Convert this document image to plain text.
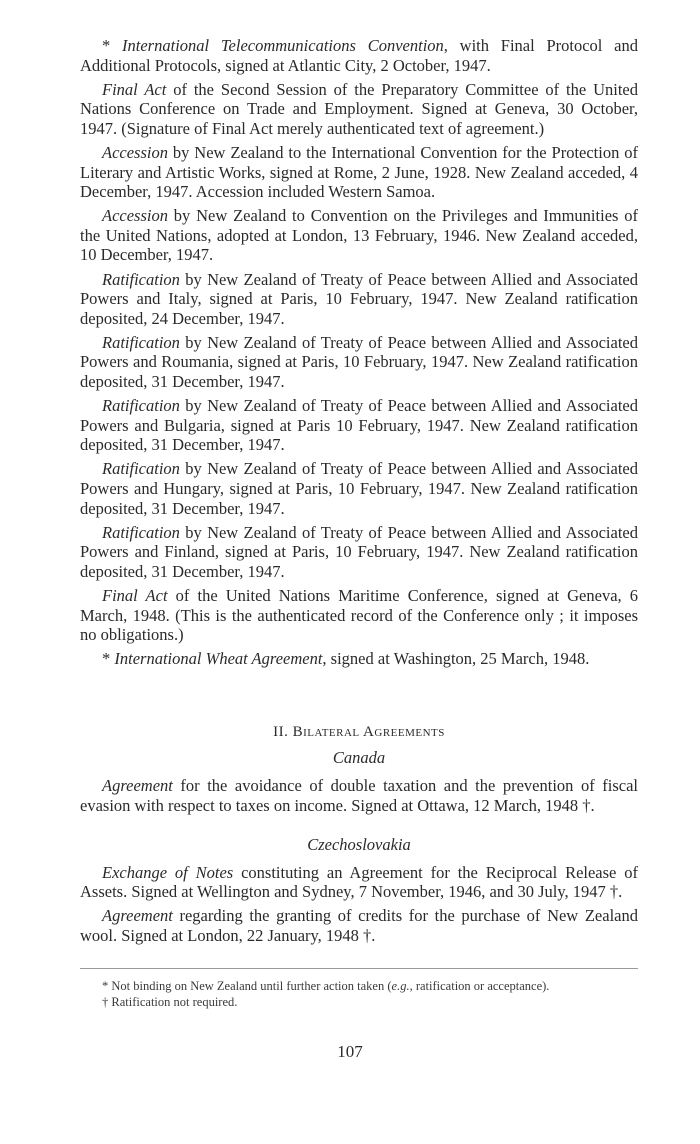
* International Telecommunications Convention, with Final Protocol and Additional Protocols, signed at Atlantic City, 2 October, 1947.

Final Act of the Second Session of the Preparatory Committee of the United Nations Conference on Trade and Employment. Signed at Geneva, 30 October, 1947. (Signature of Final Act merely authenticated text of agreement.)

Accession by New Zealand to the International Convention for the Protection of Literary and Artistic Works, signed at Rome, 2 June, 1928. New Zealand acceded, 4 December, 1947. Accession included Western Samoa.

Accession by New Zealand to Convention on the Privileges and Immunities of the United Nations, adopted at London, 13 February, 1946. New Zealand acceded, 10 December, 1947.

Ratification by New Zealand of Treaty of Peace between Allied and Associated Powers and Italy, signed at Paris, 10 February, 1947. New Zealand ratification deposited, 24 December, 1947.

Ratification by New Zealand of Treaty of Peace between Allied and Associated Powers and Roumania, signed at Paris, 10 February, 1947. New Zealand ratification deposited, 31 December, 1947.

Ratification by New Zealand of Treaty of Peace between Allied and Associated Powers and Bulgaria, signed at Paris 10 February, 1947. New Zealand ratification deposited, 31 December, 1947.

Ratification by New Zealand of Treaty of Peace between Allied and Associated Powers and Hungary, signed at Paris, 10 February, 1947. New Zealand ratification deposited, 31 December, 1947.

Ratification by New Zealand of Treaty of Peace between Allied and Associated Powers and Finland, signed at Paris, 10 February, 1947. New Zealand ratification deposited, 31 December, 1947.

Final Act of the United Nations Maritime Conference, signed at Geneva, 6 March, 1948. (This is the authenticated record of the Conference only ; it imposes no obligations.)

* International Wheat Agreement, signed at Washington, 25 March, 1948.

II. Bilateral Agreements
Canada

Agreement for the avoidance of double taxation and the prevention of fiscal evasion with respect to taxes on income. Signed at Ottawa, 12 March, 1948 †.

Czechoslovakia

Exchange of Notes constituting an Agreement for the Reciprocal Release of Assets. Signed at Wellington and Sydney, 7 November, 1946, and 30 July, 1947 †.

Agreement regarding the granting of credits for the purchase of New Zealand wool. Signed at London, 22 January, 1948 †.

* Not binding on New Zealand until further action taken (e.g., ratification or acceptance).

† Ratification not required.

107
